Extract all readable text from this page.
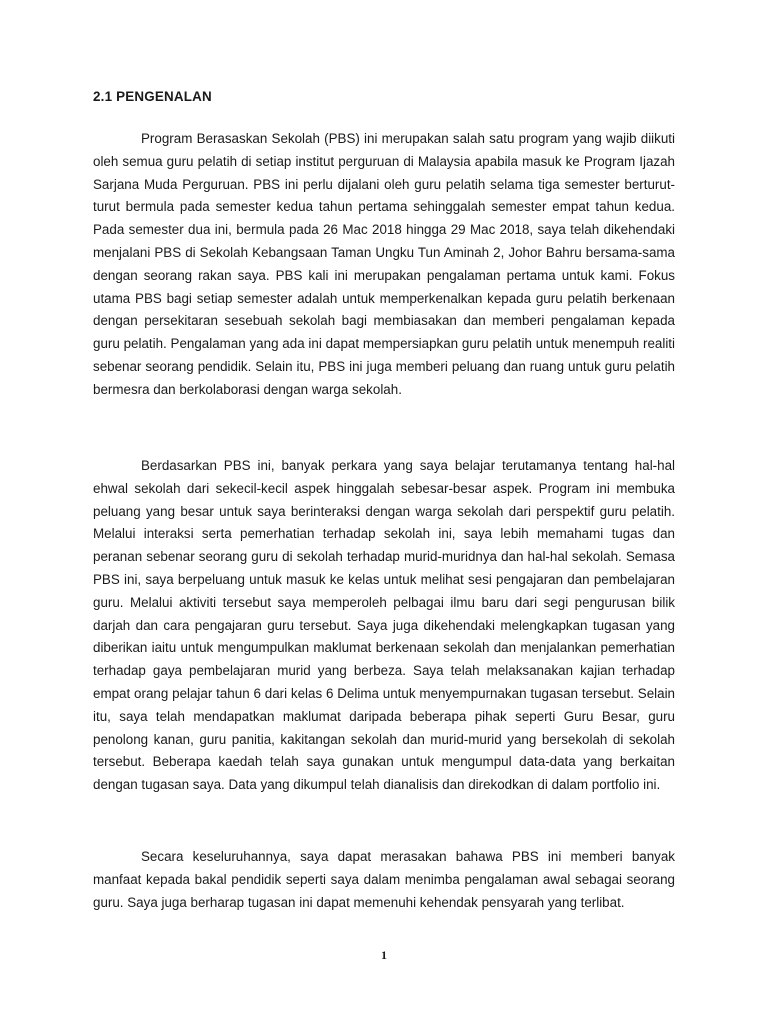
2.1 PENGENALAN

Program Berasaskan Sekolah (PBS) ini merupakan salah satu program yang wajib diikuti oleh semua guru pelatih di setiap institut perguruan di Malaysia apabila masuk ke Program Ijazah Sarjana Muda Perguruan. PBS ini perlu dijalani oleh guru pelatih selama tiga semester berturut-turut bermula pada semester kedua tahun pertama sehinggalah semester empat tahun kedua. Pada semester dua ini, bermula pada 26 Mac 2018 hingga 29 Mac 2018, saya telah dikehendaki menjalani PBS di Sekolah Kebangsaan Taman Ungku Tun Aminah 2, Johor Bahru bersama-sama dengan seorang rakan saya. PBS kali ini merupakan pengalaman pertama untuk kami. Fokus utama PBS bagi setiap semester adalah untuk memperkenalkan kepada guru pelatih berkenaan dengan persekitaran sesebuah sekolah bagi membiasakan dan memberi pengalaman kepada guru pelatih. Pengalaman yang ada ini dapat mempersiapkan guru pelatih untuk menempuh realiti sebenar seorang pendidik. Selain itu, PBS ini juga memberi peluang dan ruang untuk guru pelatih bermesra dan berkolaborasi dengan warga sekolah.

Berdasarkan PBS ini, banyak perkara yang saya belajar terutamanya tentang hal-hal ehwal sekolah dari sekecil-kecil aspek hinggalah sebesar-besar aspek. Program ini membuka peluang yang besar untuk saya berinteraksi dengan warga sekolah dari perspektif guru pelatih. Melalui interaksi serta pemerhatian terhadap sekolah ini, saya lebih memahami tugas dan peranan sebenar seorang guru di sekolah terhadap murid-muridnya dan hal-hal sekolah. Semasa PBS ini, saya berpeluang untuk masuk ke kelas untuk melihat sesi pengajaran dan pembelajaran guru. Melalui aktiviti tersebut saya memperoleh pelbagai ilmu baru dari segi pengurusan bilik darjah dan cara pengajaran guru tersebut. Saya juga dikehendaki melengkapkan tugasan yang diberikan iaitu untuk mengumpulkan maklumat berkenaan sekolah dan menjalankan pemerhatian terhadap gaya pembelajaran murid yang berbeza. Saya telah melaksanakan kajian terhadap empat orang pelajar tahun 6 dari kelas 6 Delima untuk menyempurnakan tugasan tersebut. Selain itu, saya telah mendapatkan maklumat daripada beberapa pihak seperti Guru Besar, guru penolong kanan, guru panitia, kakitangan sekolah dan murid-murid yang bersekolah di sekolah tersebut. Beberapa kaedah telah saya gunakan untuk mengumpul data-data yang berkaitan dengan tugasan saya. Data yang dikumpul telah dianalisis dan direkodkan di dalam portfolio ini.

Secara keseluruhannya, saya dapat merasakan bahawa PBS ini memberi banyak manfaat kepada bakal pendidik seperti saya dalam menimba pengalaman awal sebagai seorang guru. Saya juga berharap tugasan ini dapat memenuhi kehendak pensyarah yang terlibat.

1
